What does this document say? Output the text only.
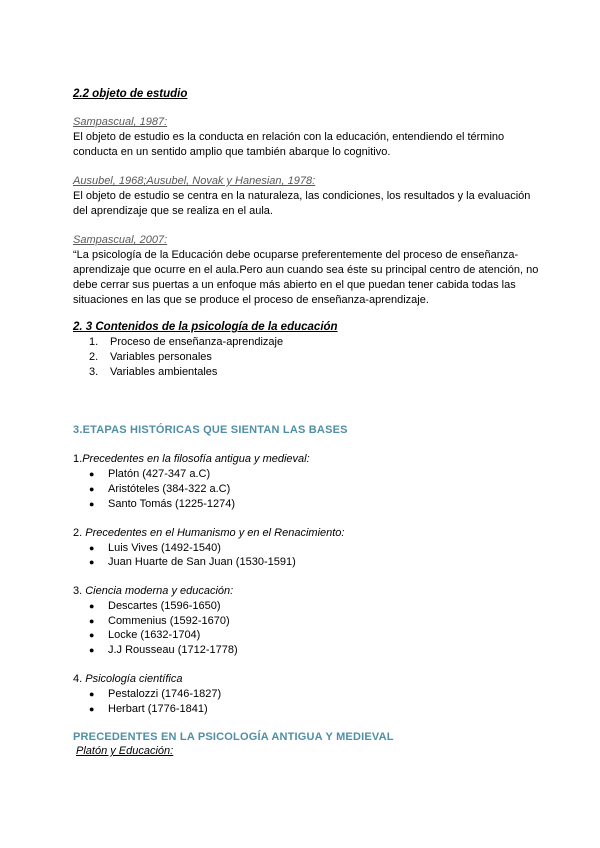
2.2 objeto de estudio
Sampascual, 1987:
El objeto de estudio es la conducta en relación con la educación, entendiendo el término conducta en un sentido amplio que también abarque lo cognitivo.
Ausubel, 1968;Ausubel, Novak y Hanesian, 1978:
El objeto de estudio se centra en la naturaleza, las condiciones, los resultados y la evaluación del aprendizaje que se realiza en el aula.
Sampascual, 2007:
“La psicología de la Educación debe ocuparse preferentemente del proceso de enseñanza-aprendizaje que ocurre en el aula.Pero aun cuando sea éste su principal centro de atención, no debe cerrar sus puertas a un enfoque más abierto en el que puedan tener cabida todas las situaciones en las que se produce el proceso de enseñanza-aprendizaje.
2. 3 Contenidos de la psicología de la educación
1. Proceso de enseñanza-aprendizaje
2. Variables personales
3. Variables ambientales
3.ETAPAS HISTÓRICAS QUE SIENTAN LAS BASES
1.Precedentes en la filosofía antigua y medieval:
● Platón (427-347 a.C)
● Aristóteles (384-322 a.C)
● Santo Tomás (1225-1274)
2. Precedentes en el Humanismo y en el Renacimiento:
● Luis Vives (1492-1540)
● Juan Huarte de San Juan (1530-1591)
3. Ciencia moderna y educación:
● Descartes (1596-1650)
● Commenius (1592-1670)
● Locke (1632-1704)
● J.J Rousseau (1712-1778)
4. Psicología científica
● Pestalozzi (1746-1827)
● Herbart (1776-1841)
PRECEDENTES EN LA PSICOLOGÍA ANTIGUA Y MEDIEVAL
Platón y Educación:
